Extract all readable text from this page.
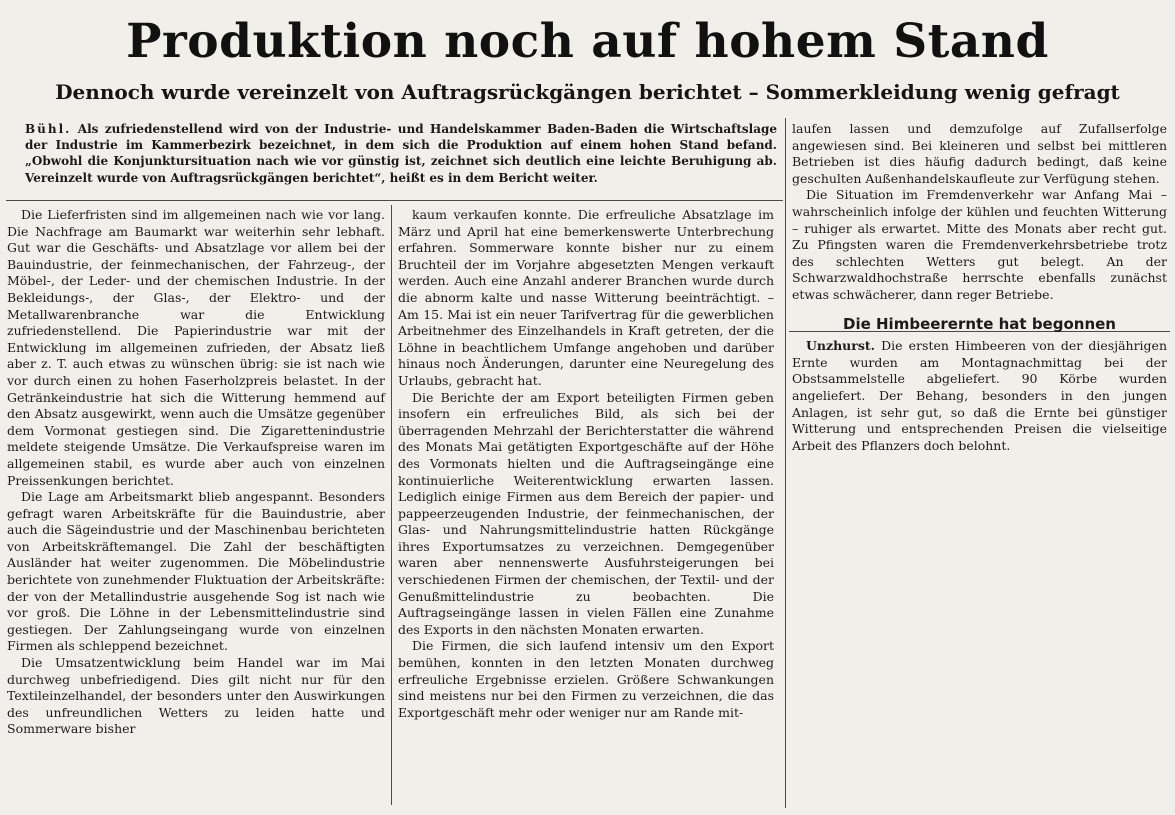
Produktion noch auf hohem Stand
Dennoch wurde vereinzelt von Auftragsrückgängen berichtet – Sommerkleidung wenig gefragt
Bühl. Als zufriedenstellend wird von der Industrie- und Handelskammer Baden-Baden die Wirtschaftslage der Industrie im Kammerbezirk bezeichnet, in dem sich die Produktion auf einem hohen Stand befand. „Obwohl die Konjunktursituation nach wie vor günstig ist, zeichnet sich deutlich eine leichte Beruhigung ab. Vereinzelt wurde von Auftragsrückgängen berichtet“, heißt es in dem Bericht weiter.

Die Lieferfristen sind im allgemeinen nach wie vor lang. Die Nachfrage am Baumarkt war weiterhin sehr lebhaft. Gut war die Geschäfts- und Absatzlage vor allem bei der Bauindustrie, der feinmechanischen, der Fahrzeug-, der Möbel-, der Leder- und der chemischen Industrie. In der Bekleidungs-, der Glas-, der Elektro- und der Metallwarenbranche war die Entwicklung zufriedenstellend. Die Papierindustrie war mit der Entwicklung im allgemeinen zufrieden, der Absatz ließ aber z. T. auch etwas zu wünschen übrig: sie ist nach wie vor durch einen zu hohen Faserholzpreis belastet. In der Getränkeindustrie hat sich die Witterung hemmend auf den Absatz ausgewirkt, wenn auch die Umsätze gegenüber dem Vormonat gestiegen sind. Die Zigarettenindustrie meldete steigende Umsätze. Die Verkaufspreise waren im allgemeinen stabil, es wurde aber auch von einzelnen Preissenkungen berichtet.

Die Lage am Arbeitsmarkt blieb angespannt. Besonders gefragt waren Arbeitskräfte für die Bauindustrie, aber auch die Sägeindustrie und der Maschinenbau berichteten von Arbeitskräftemangel. Die Zahl der beschäftigten Ausländer hat weiter zugenommen. Die Möbelindustrie berichtete von zunehmender Fluktuation der Arbeitskräfte: der von der Metallindustrie ausgehende Sog ist nach wie vor groß. Die Löhne in der Lebensmittelindustrie sind gestiegen. Der Zahlungseingang wurde von einzelnen Firmen als schleppend bezeichnet.

Die Umsatzentwicklung beim Handel war im Mai durchweg unbefriedigend. Dies gilt nicht nur für den Textileinzelhandel, der besonders unter den Auswirkungen des unfreundlichen Wetters zu leiden hatte und Sommerware bisher

kaum verkaufen konnte. Die erfreuliche Absatzlage im März und April hat eine bemerkenswerte Unterbrechung erfahren. Sommerware konnte bisher nur zu einem Bruchteil der im Vorjahre abgesetzten Mengen verkauft werden. Auch eine Anzahl anderer Branchen wurde durch die abnorm kalte und nasse Witterung beeinträchtigt. – Am 15. Mai ist ein neuer Tarifvertrag für die gewerblichen Arbeitnehmer des Einzelhandels in Kraft getreten, der die Löhne in beachtlichem Umfange angehoben und darüber hinaus noch Änderungen, darunter eine Neuregelung des Urlaubs, gebracht hat.

Die Berichte der am Export beteiligten Firmen geben insofern ein erfreuliches Bild, als sich bei der überragenden Mehrzahl der Berichterstatter die während des Monats Mai getätigten Exportgeschäfte auf der Höhe des Vormonats hielten und die Auftragseingänge eine kontinuierliche Weiterentwicklung erwarten lassen. Lediglich einige Firmen aus dem Bereich der papier- und pappeerzeugenden Industrie, der feinmechanischen, der Glas- und Nahrungsmittelindustrie hatten Rückgänge ihres Exportumsatzes zu verzeichnen. Demgegenüber waren aber nennenswerte Ausfuhrsteigerungen bei verschiedenen Firmen der chemischen, der Textil- und der Genußmittelindustrie zu beobachten. Die Auftragseingänge lassen in vielen Fällen eine Zunahme des Exports in den nächsten Monaten erwarten.

Die Firmen, die sich laufend intensiv um den Export bemühen, konnten in den letzten Monaten durchweg erfreuliche Ergebnisse erzielen. Größere Schwankungen sind meistens nur bei den Firmen zu verzeichnen, die das Exportgeschäft mehr oder weniger nur am Rande mit-

laufen lassen und demzufolge auf Zufallserfolge angewiesen sind. Bei kleineren und selbst bei mittleren Betrieben ist dies häufig dadurch bedingt, daß keine geschulten Außenhandelskaufleute zur Verfügung stehen.

Die Situation im Fremdenverkehr war Anfang Mai – wahrscheinlich infolge der kühlen und feuchten Witterung – ruhiger als erwartet. Mitte des Monats aber recht gut. Zu Pfingsten waren die Fremdenverkehrsbetriebe trotz des schlechten Wetters gut belegt. An der Schwarzwaldhochstraße herrschte ebenfalls zunächst etwas schwächerer, dann reger Betriebe.

Die Himbeerernte hat begonnen

Unzhurst. Die ersten Himbeeren von der diesjährigen Ernte wurden am Montagnachmittag bei der Obstsammelstelle abgeliefert. 90 Körbe wurden angeliefert. Der Behang, besonders in den jungen Anlagen, ist sehr gut, so daß die Ernte bei günstiger Witterung und entsprechenden Preisen die vielseitige Arbeit des Pflanzers doch belohnt.
